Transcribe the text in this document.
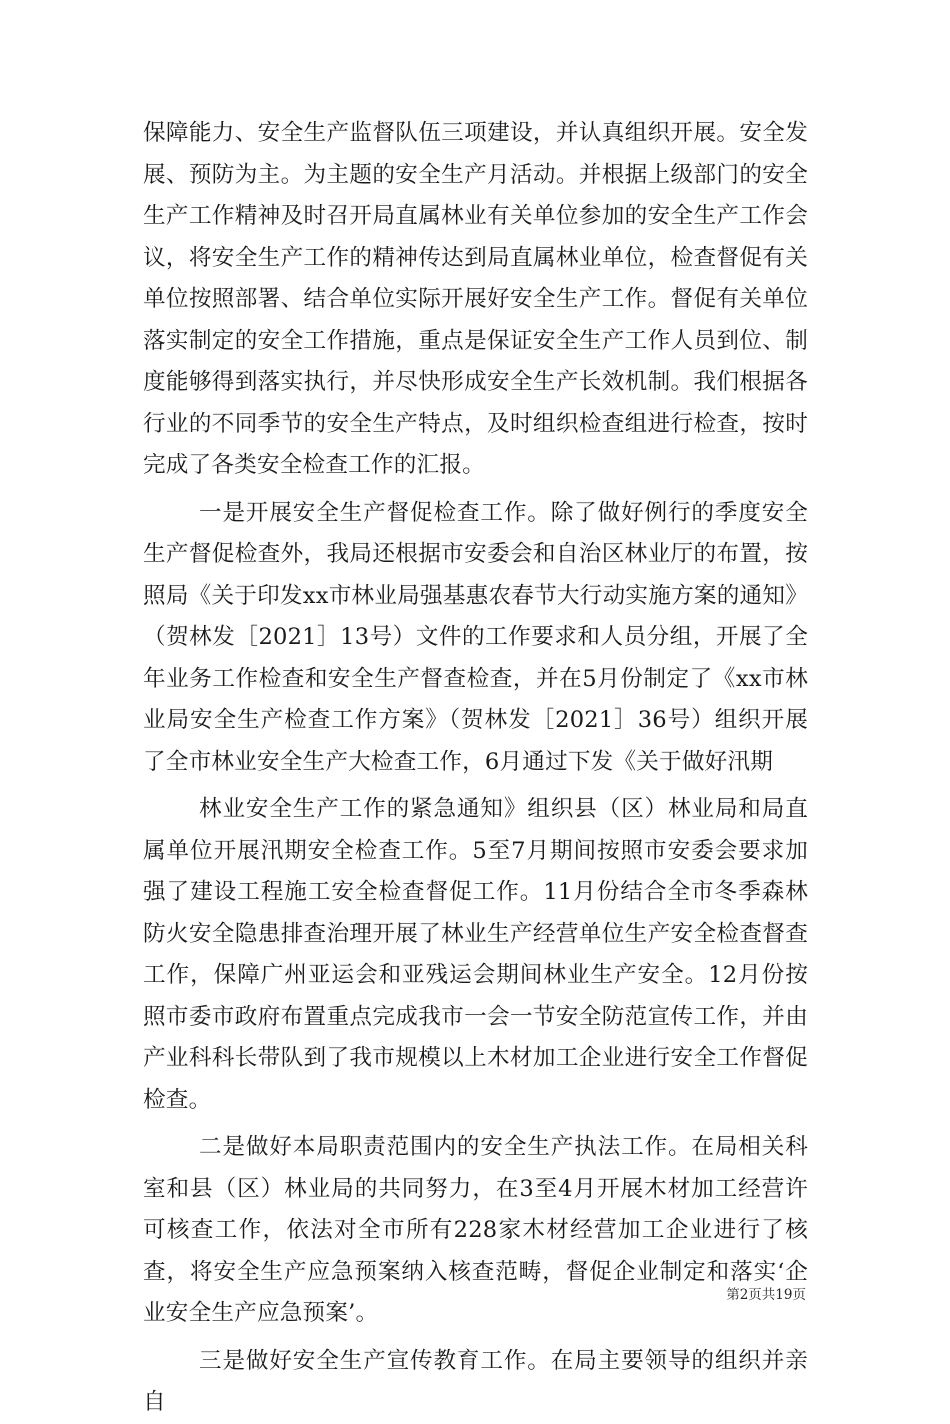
保障能力、安全生产监督队伍三项建设，并认真组织开展。安全发展、预防为主。为主题的安全生产月活动。并根据上级部门的安全生产工作精神及时召开局直属林业有关单位参加的安全生产工作会议，将安全生产工作的精神传达到局直属林业单位，检查督促有关单位按照部署、结合单位实际开展好安全生产工作。督促有关单位落实制定的安全工作措施，重点是保证安全生产工作人员到位、制度能够得到落实执行，并尽快形成安全生产长效机制。我们根据各行业的不同季节的安全生产特点，及时组织检查组进行检查，按时完成了各类安全检查工作的汇报。

一是开展安全生产督促检查工作。除了做好例行的季度安全生产督促检查外，我局还根据市安委会和自治区林业厅的布置，按照局《关于印发xx市林业局强基惠农春节大行动实施方案的通知》（贺林发［2021］13号）文件的工作要求和人员分组，开展了全年业务工作检查和安全生产督查检查，并在5月份制定了《xx市林业局安全生产检查工作方案》（贺林发［2021］36号）组织开展了全市林业安全生产大检查工作，6月通过下发《关于做好汛期

林业安全生产工作的紧急通知》组织县（区）林业局和局直属单位开展汛期安全检查工作。5至7月期间按照市安委会要求加强了建设工程施工安全检查督促工作。11月份结合全市冬季森林防火安全隐患排查治理开展了林业生产经营单位生产安全检查督查工作，保障广州亚运会和亚残运会期间林业生产安全。12月份按照市委市政府布置重点完成我市一会一节安全防范宣传工作，并由产业科科长带队到了我市规模以上木材加工企业进行安全工作督促检查。

二是做好本局职责范围内的安全生产执法工作。在局相关科室和县（区）林业局的共同努力，在3至4月开展木材加工经营许可核查工作，依法对全市所有228家木材经营加工企业进行了核查，将安全生产应急预案纳入核查范畴，督促企业制定和落实‘企业安全生产应急预案’。

三是做好安全生产宣传教育工作。在局主要领导的组织并亲自

第2页共19页
